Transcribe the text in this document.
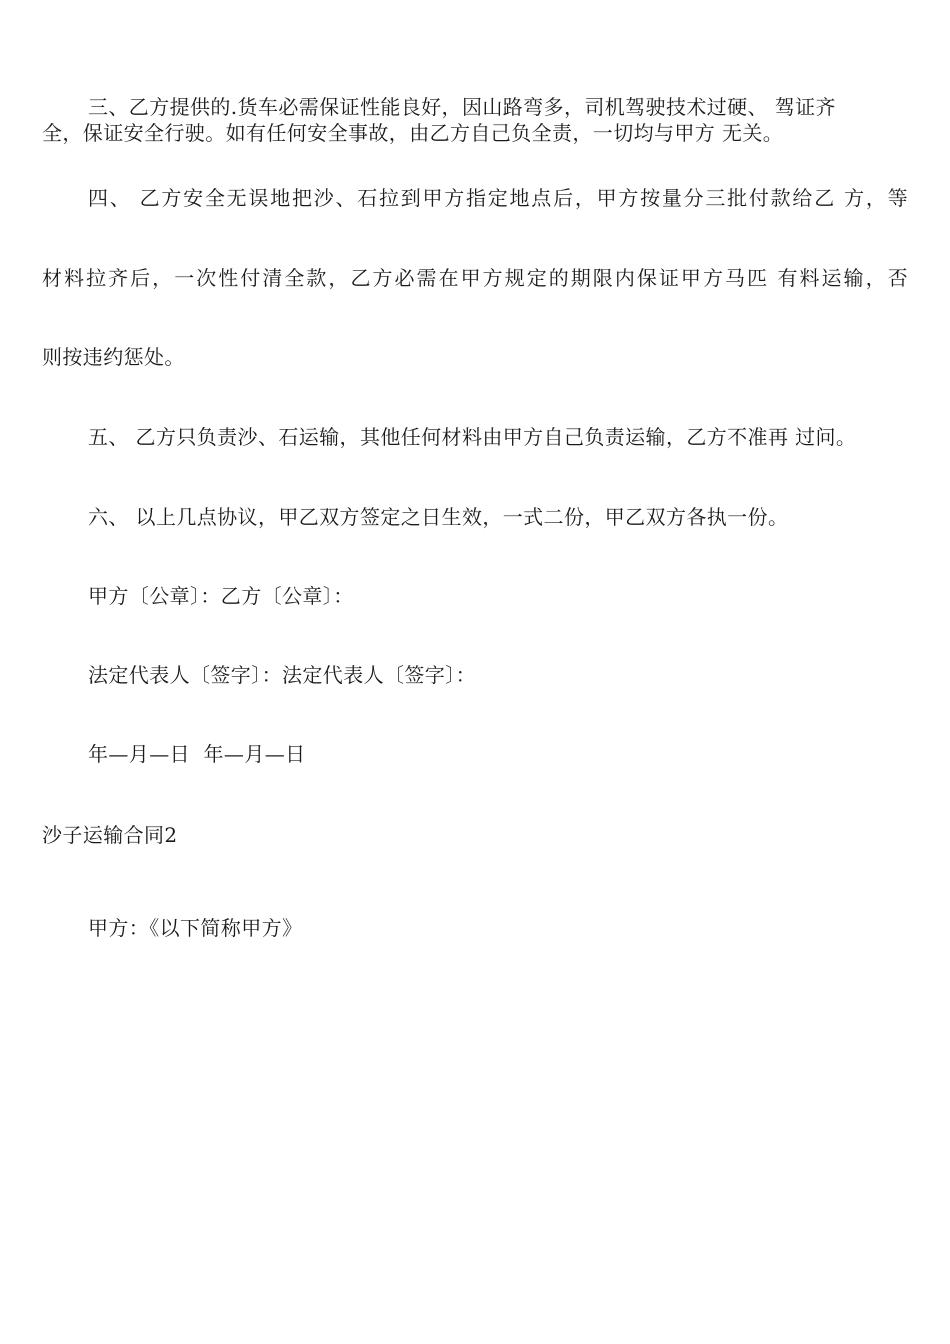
三、乙方提供的.货车必需保证性能良好，因山路弯多，司机驾驶技术过硬、 驾证齐
全，保证安全行驶。如有任何安全事故，由乙方自己负全责，一切均与甲方 无关。
四、 乙方安全无误地把沙、石拉到甲方指定地点后，甲方按量分三批付款给乙 方，等
材料拉齐后，一次性付清全款，乙方必需在甲方规定的期限内保证甲方马匹 有料运输，否
则按违约惩处。
五、 乙方只负责沙、石运输，其他任何材料由甲方自己负责运输，乙方不准再 过问。
六、 以上几点协议，甲乙双方签定之日生效，一式二份，甲乙双方各执一份。
甲方〔公章〕：乙方〔公章〕：
法定代表人〔签字〕：法定代表人〔签字〕：
年—月—日  年—月—日
沙子运输合同2
甲方：《以下简称甲方》
